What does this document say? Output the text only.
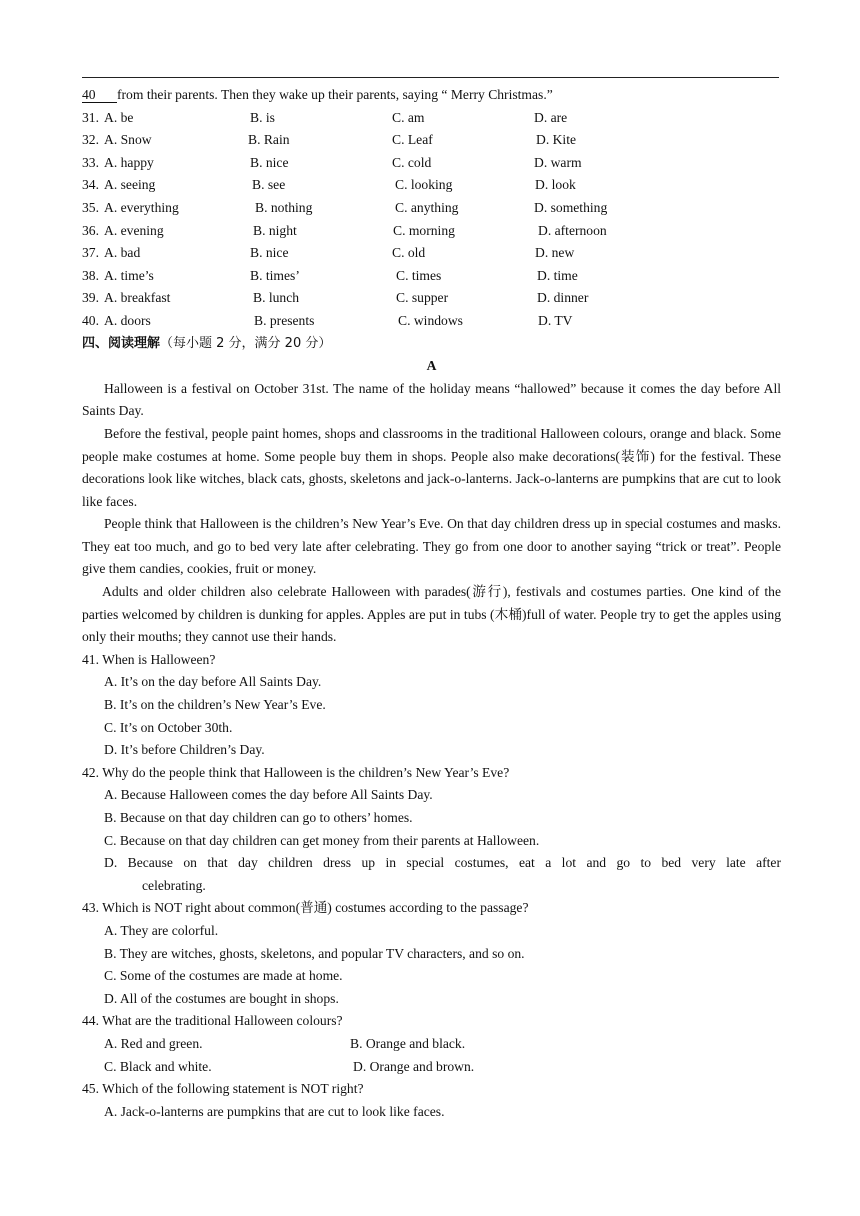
40 from their parents. Then they wake up their parents, saying “ Merry Christmas.”
31. A. be	B. is	C. am	D. are
32. A. Snow	B. Rain	C. Leaf	D. Kite
33. A. happy	B. nice	C. cold	D. warm
34. A. seeing	B. see	C. looking	D. look
35. A. everything	B. nothing	C. anything	D. something
36. A. evening	B. night	C. morning	D. afternoon
37. A. bad	B. nice	C. old	D. new
38. A. time’s	B. times’	C. times	D. time
39. A. breakfast	B. lunch	C. supper	D. dinner
40. A. doors	B. presents	C. windows	D. TV
四、阅读理解（每小题 2 分，满分 20 分）
A

Halloween is a festival on October 31st. The name of the holiday means “hallowed” because it comes the day before All Saints Day.

Before the festival, people paint homes, shops and classrooms in the traditional Halloween colours, orange and black. Some people make costumes at home. Some people buy them in shops. People also make decorations(装饰) for the festival. These decorations look like witches, black cats, ghosts, skeletons and jack-o-lanterns. Jack-o-lanterns are pumpkins that are cut to look like faces.

People think that Halloween is the children’s New Year’s Eve. On that day children dress up in special costumes and masks. They eat too much, and go to bed very late after celebrating. They go from one door to another saying “trick or treat”. People give them candies, cookies, fruit or money.

Adults and older children also celebrate Halloween with parades(游行), festivals and costumes parties. One kind of the parties welcomed by children is dunking for apples. Apples are put in tubs (木桶)full of water. People try to get the apples using only their mouths; they cannot use their hands.

41. When is Halloween?
A. It’s on the day before All Saints Day.
B. It’s on the children’s New Year’s Eve.
C. It’s on October 30th.
D. It’s before Children’s Day.
42. Why do the people think that Halloween is the children’s New Year’s Eve?
A. Because Halloween comes the day before All Saints Day.
B. Because on that day children can go to others’ homes.
C. Because on that day children can get money from their parents at Halloween.
D. Because on that day children dress up in special costumes, eat a lot and go to bed very late after
celebrating.
43. Which is NOT right about common(普通) costumes according to the passage?
A. They are colorful.
B. They are witches, ghosts, skeletons, and popular TV characters, and so on.
C. Some of the costumes are made at home.
D. All of the costumes are bought in shops.
44. What are the traditional Halloween colours?
A. Red and green.	B. Orange and black.
C. Black and white.	D. Orange and brown.
45. Which of the following statement is NOT right?
A. Jack-o-lanterns are pumpkins that are cut to look like faces.
